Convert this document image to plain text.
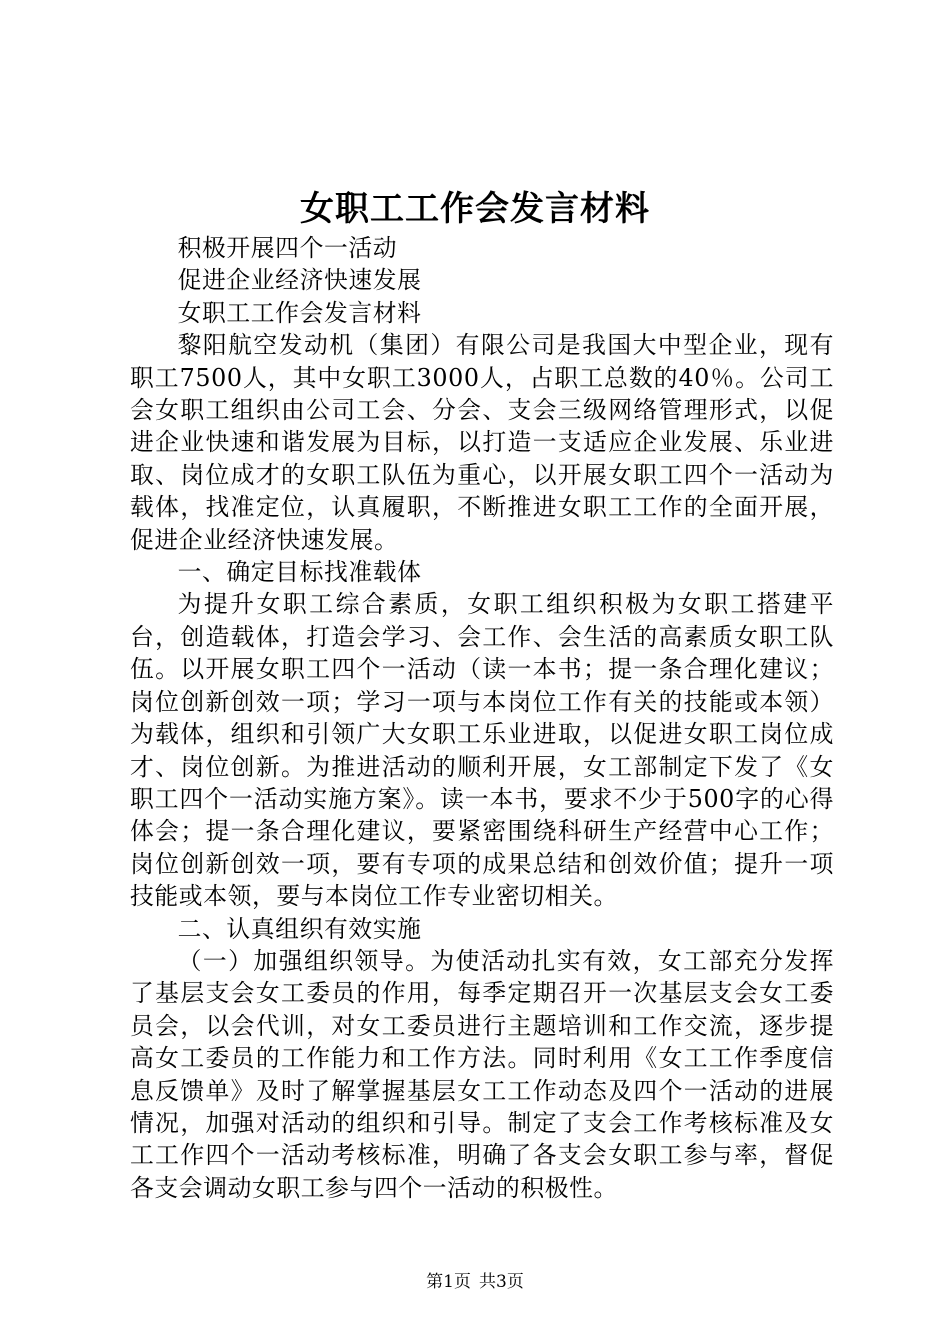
女职工工作会发言材料

积极开展四个一活动

促进企业经济快速发展

女职工工作会发言材料

黎阳航空发动机（集团）有限公司是我国大中型企业，现有职工7500人，其中女职工3000人，占职工总数的40％。公司工会女职工组织由公司工会、分会、支会三级网络管理形式，以促进企业快速和谐发展为目标，以打造一支适应企业发展、乐业进取、岗位成才的女职工队伍为重心，以开展女职工四个一活动为载体，找准定位，认真履职，不断推进女职工工作的全面开展，促进企业经济快速发展。

一、确定目标找准载体

为提升女职工综合素质，女职工组织积极为女职工搭建平台，创造载体，打造会学习、会工作、会生活的高素质女职工队伍。以开展女职工四个一活动（读一本书；提一条合理化建议；岗位创新创效一项；学习一项与本岗位工作有关的技能或本领）为载体，组织和引领广大女职工乐业进取，以促进女职工岗位成才、岗位创新。为推进活动的顺利开展，女工部制定下发了《女职工四个一活动实施方案》。读一本书，要求不少于500字的心得体会；提一条合理化建议，要紧密围绕科研生产经营中心工作；岗位创新创效一项，要有专项的成果总结和创效价值；提升一项技能或本领，要与本岗位工作专业密切相关。

二、认真组织有效实施

（一）加强组织领导。为使活动扎实有效，女工部充分发挥了基层支会女工委员的作用，每季定期召开一次基层支会女工委员会，以会代训，对女工委员进行主题培训和工作交流，逐步提高女工委员的工作能力和工作方法。同时利用《女工工作季度信息反馈单》及时了解掌握基层女工工作动态及四个一活动的进展情况，加强对活动的组织和引导。制定了支会工作考核标准及女工工作四个一活动考核标准，明确了各支会女职工参与率，督促各支会调动女职工参与四个一活动的积极性。

第1页 共3页
